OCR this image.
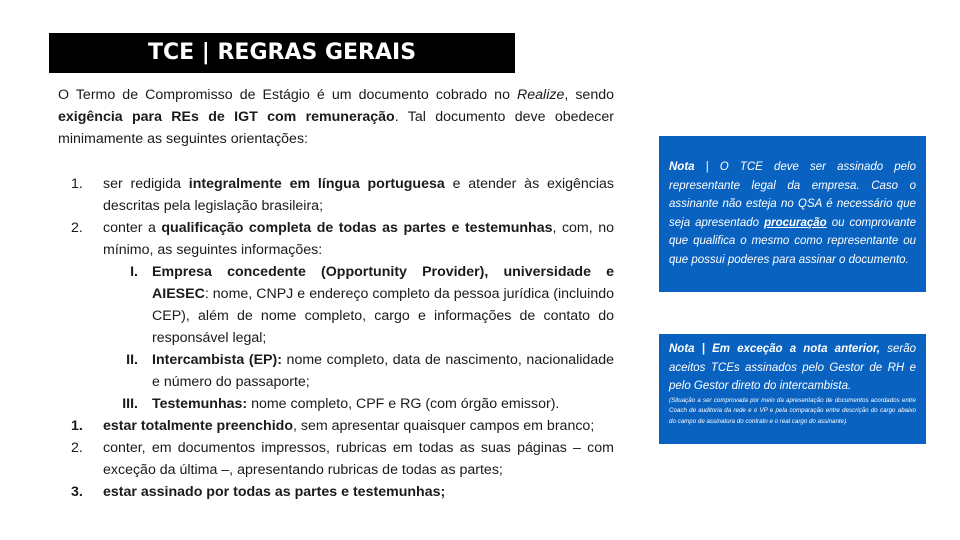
TCE | REGRAS GERAIS

O Termo de Compromisso de Estágio é um documento cobrado no Realize, sendo exigência para REs de IGT com remuneração. Tal documento deve obedecer minimamente as seguintes orientações:

1. ser redigida integralmente em língua portuguesa e atender às exigências descritas pela legislação brasileira;
2. conter a qualificação completa de todas as partes e testemunhas, com, no mínimo, as seguintes informações:
I. Empresa concedente (Opportunity Provider), universidade e AIESEC: nome, CNPJ e endereço completo da pessoa jurídica (incluindo CEP), além de nome completo, cargo e informações de contato do responsável legal;
II. Intercambista (EP): nome completo, data de nascimento, nacionalidade e número do passaporte;
III. Testemunhas: nome completo, CPF e RG (com órgão emissor).
1. estar totalmente preenchido, sem apresentar quaisquer campos em branco;
2. conter, em documentos impressos, rubricas em todas as suas páginas – com exceção da última –, apresentando rubricas de todas as partes;
3. estar assinado por todas as partes e testemunhas;
Nota | O TCE deve ser assinado pelo representante legal da empresa. Caso o assinante não esteja no QSA é necessário que seja apresentado procuração ou comprovante que qualifica o mesmo como representante ou que possui poderes para assinar o documento.
Nota | Em exceção a nota anterior, serão aceitos TCEs assinados pelo Gestor de RH e pelo Gestor direto do intercambista.
(Situação a ser comprovada por meio da apresentação de documentos acordados entre Coach de auditoria da rede e o VP e pela comparação entre descrição do cargo abaixo do campo de assinatura do contrato e o real cargo do assinante).
